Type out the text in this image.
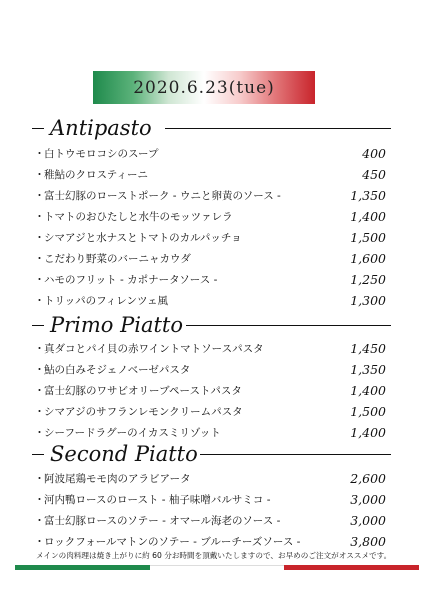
2020.6.23(tue)
Antipasto
・ 白トウモロコシのスープ	400
・ 稚鮎のクロスティーニ	450
・ 富士幻豚のローストポーク - ウニと卵黄のソース -	1,350
・ トマトのおひたしと水牛のモッツァレラ	1,400
・ シマアジと水ナスとトマトのカルパッチョ	1,500
・ こだわり野菜のバーニャカウダ	1,600
・ ハモのフリット - カポナータソース -	1,250
・ トリッパのフィレンツェ風	1,300
Primo Piatto
・ 真ダコとパイ貝の赤ワイントマトソースパスタ	1,450
・ 鮎の白みそジェノベーゼパスタ	1,350
・ 富士幻豚のワサビオリーブペーストパスタ	1,400
・ シマアジのサフランレモンクリームパスタ	1,500
・ シーフードラグーのイカスミリゾット	1,400
Second Piatto
・ 阿波尾鶏モモ肉のアラビアータ	2,600
・ 河内鴨ロースのロースト - 柚子味噌バルサミコ -	3,000
・ 富士幻豚ロースのソテー - オマール海老のソース -	3,000
・ ロックフォールマトンのソテー - ブルーチーズソース -	3,800
メインの肉料理は焼き上がりに約 60 分お時間を頂戴いたしますので、お早めのご注文がオススメです。
